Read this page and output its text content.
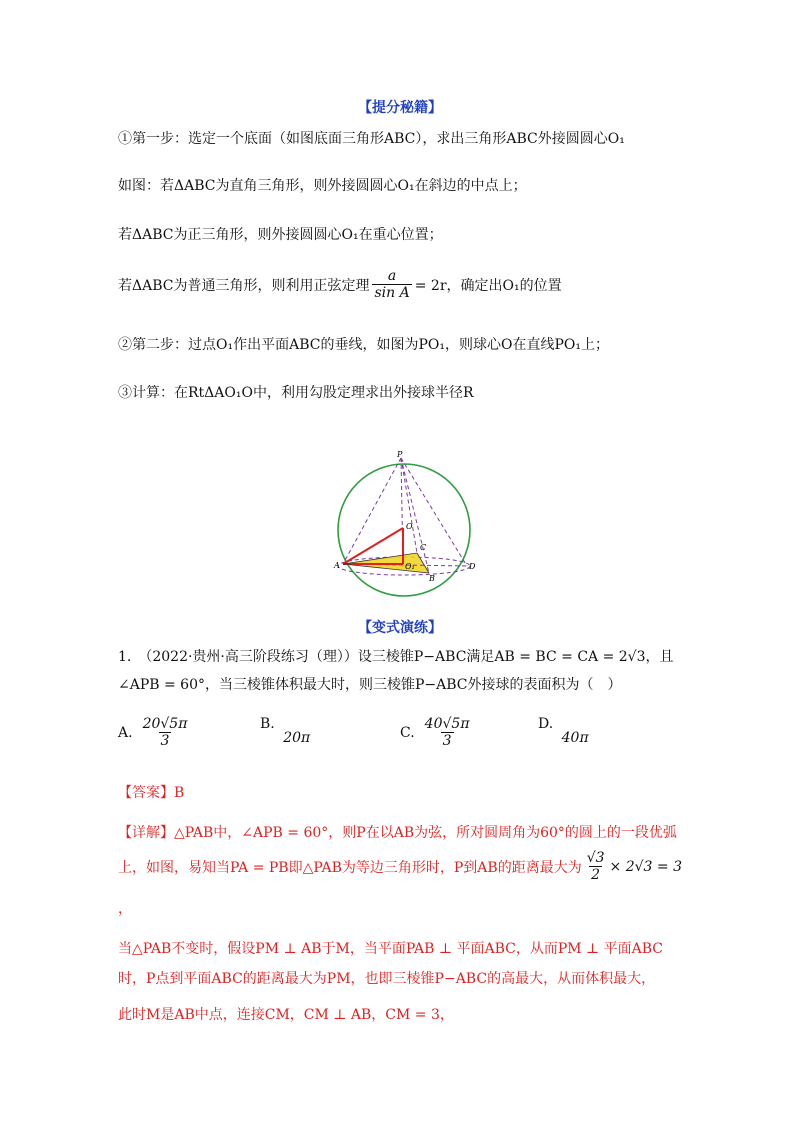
【提分秘籍】
①第一步：选定一个底面（如图底面三角形ABC），求出三角形ABC外接圆圆心O₁
如图：若ΔABC为直角三角形，则外接圆圆心O₁在斜边的中点上；
若ΔABC为正三角形，则外接圆圆心O₁在重心位置；
若ΔABC为普通三角形，则利用正弦定理 $\frac{a}{\text{sin A}} = 2r$，确定出O₁的位置
②第二步：过点O₁作出平面ABC的垂线，如图为PO₁，则球心O在直线PO₁上；
③计算：在RtΔAO₁O中，利用勾股定理求出外接球半径R
P
O
C
A	O₁
B
D
【变式演练】
1.　（2022·贵州·高三阶段练习（理））设三棱锥P−ABC满足AB = BC = CA = 2√3，且
∠APB = 60°，当三棱锥体积最大时，则三棱锥P−ABC外接球的表面积为（　）
A. $\frac{20√5\pi}{3}$	B. 20π	C. $\frac{40√5\pi}{3}$	D. 40π
【答案】B
【详解】△PAB中，∠APB = 60°，则P在以AB为弦，所对圆周角为60°的圆上的一段优弧
上，如图，易知当PA = PB即△PAB为等边三角形时，P到AB的距离最大为 $\frac{√3}{2} \times 2√3 = 3$
，
当△PAB不变时，假设PM ⊥ AB于M，当平面PAB ⊥ 平面ABC，从而PM ⊥ 平面ABC
时，P点到平面ABC的距离最大为PM，也即三棱锥P−ABC的高最大，从而体积最大，
此时M是AB中点，连接CM，CM ⊥ AB，CM = 3，
